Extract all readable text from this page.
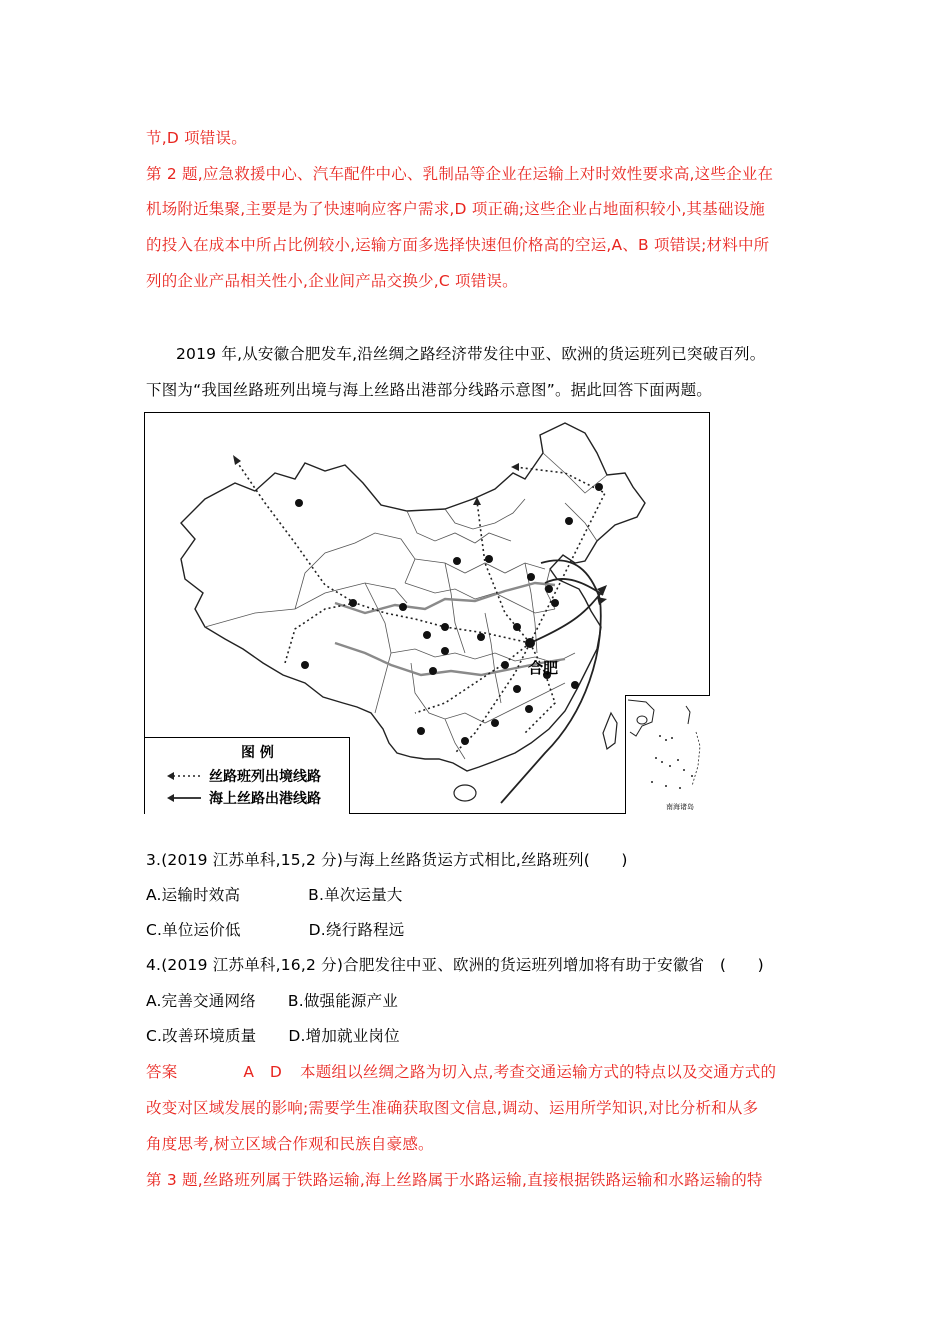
节,D 项错误。
第 2 题,应急救援中心、汽车配件中心、乳制品等企业在运输上对时效性要求高,这些企业在
机场附近集聚,主要是为了快速响应客户需求,D 项正确;这些企业占地面积较小,其基础设施
的投入在成本中所占比例较小,运输方面多选择快速但价格高的空运,A、B 项错误;材料中所
列的企业产品相关性小,企业间产品交换少,C 项错误。
2019 年,从安徽合肥发车,沿丝绸之路经济带发往中亚、欧洲的货运班列已突破百列。
下图为“我国丝路班列出境与海上丝路出港部分线路示意图”。据此回答下面两题。
合肥
图 例
丝路班列出境线路
海上丝路出港线路	南海诸岛
3.(2019 江苏单科,15,2 分)与海上丝路货运方式相比,丝路班列(　　)
A.运输时效高	B.单次运量大
C.单位运价低	D.绕行路程远
4.(2019 江苏单科,16,2 分)合肥发往中亚、欧洲的货运班列增加将有助于安徽省　(　　)
A.完善交通网络 B.做强能源产业
C.改善环境质量 D.增加就业岗位
答案	A　D 本题组以丝绸之路为切入点,考查交通运输方式的特点以及交通方式的
改变对区域发展的影响;需要学生准确获取图文信息,调动、运用所学知识,对比分析和从多
角度思考,树立区域合作观和民族自豪感。
第 3 题,丝路班列属于铁路运输,海上丝路属于水路运输,直接根据铁路运输和水路运输的特
